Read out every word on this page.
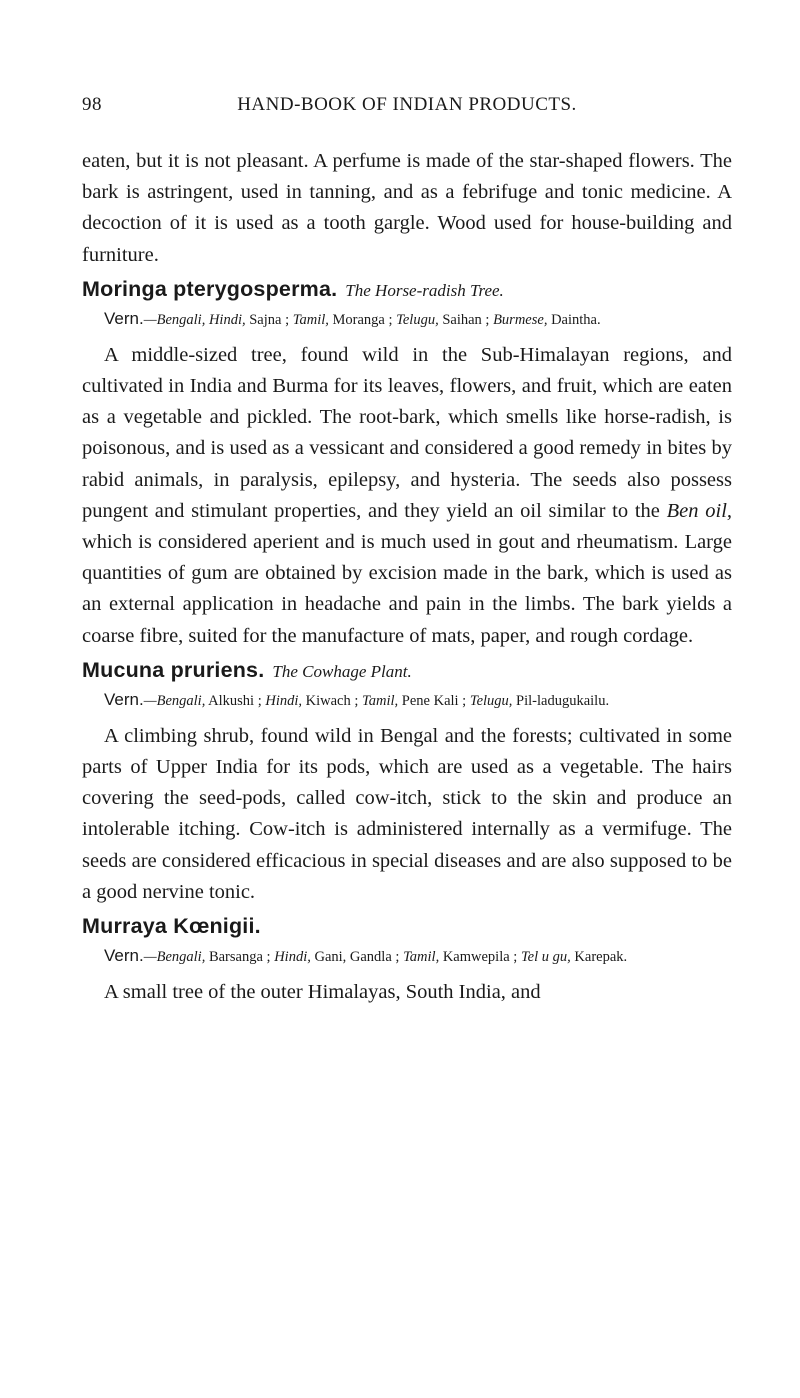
98	HAND-BOOK OF INDIAN PRODUCTS.

eaten, but it is not pleasant. A perfume is made of the star-shaped flowers. The bark is astringent, used in tanning, and as a febrifuge and tonic medicine. A decoction of it is used as a tooth gargle. Wood used for house-building and furniture.

Moringa pterygosperma. The Horse-radish Tree.

Vern.—Bengali, Hindi, Sajna ; Tamil, Moranga ; Telugu, Saihan ; Burmese, Daintha.

A middle-sized tree, found wild in the Sub-Himalayan regions, and cultivated in India and Burma for its leaves, flowers, and fruit, which are eaten as a vegetable and pickled. The root-bark, which smells like horse-radish, is poisonous, and is used as a vessicant and considered a good remedy in bites by rabid animals, in paralysis, epilepsy, and hysteria. The seeds also possess pungent and stimulant properties, and they yield an oil similar to the Ben oil, which is considered aperient and is much used in gout and rheumatism. Large quantities of gum are obtained by excision made in the bark, which is used as an external application in headache and pain in the limbs. The bark yields a coarse fibre, suited for the manufacture of mats, paper, and rough cordage.

Mucuna pruriens. The Cowhage Plant.

Vern.—Bengali, Alkushi ; Hindi, Kiwach ; Tamil, Pene Kali ; Telugu, Pil-ladugukailu.

A climbing shrub, found wild in Bengal and the forests; cultivated in some parts of Upper India for its pods, which are used as a vegetable. The hairs covering the seed-pods, called cow-itch, stick to the skin and produce an intolerable itching. Cow-itch is administered internally as a vermifuge. The seeds are considered efficacious in special diseases and are also supposed to be a good nervine tonic.

Murraya Kœnigii.

Vern.—Bengali, Barsanga ; Hindi, Gani, Gandla ; Tamil, Kamwepila ; Tel u gu, Karepak.

A small tree of the outer Himalayas, South India, and
